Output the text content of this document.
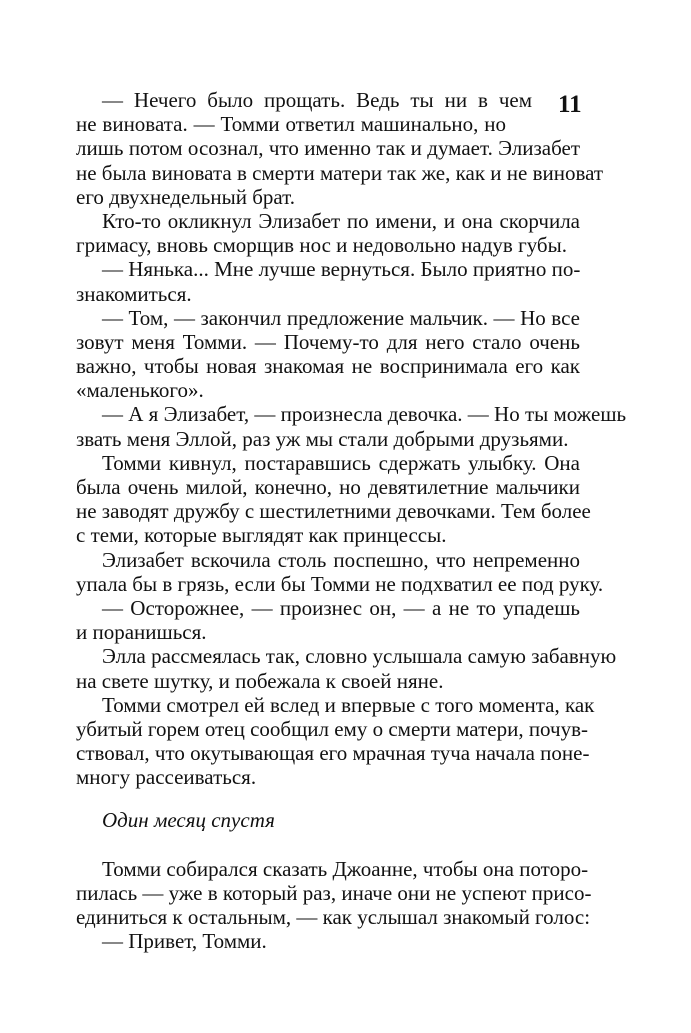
11
— Нечего было прощать. Ведь ты ни в чем
не виновата. — Томми ответил машинально, но
лишь потом осознал, что именно так и думает. Элизабет
не была виновата в смерти матери так же, как и не виноват
его двухнедельный брат.
Кто-то окликнул Элизабет по имени, и она скорчила
гримасу, вновь сморщив нос и недовольно надув губы.
— Нянька... Мне лучше вернуться. Было приятно по-
знакомиться.
— Том, — закончил предложение мальчик. — Но все
зовут меня Томми. — Почему-то для него стало очень
важно, чтобы новая знакомая не воспринимала его как
«маленького».
— А я Элизабет, — произнесла девочка. — Но ты можешь
звать меня Эллой, раз уж мы стали добрыми друзьями.
Томми кивнул, постаравшись сдержать улыбку. Она
была очень милой, конечно, но девятилетние мальчики
не заводят дружбу с шестилетними девочками. Тем более
с теми, которые выглядят как принцессы.
Элизабет вскочила столь поспешно, что непременно
упала бы в грязь, если бы Томми не подхватил ее под руку.
— Осторожнее, — произнес он, — а не то упадешь
и поранишься.
Элла рассмеялась так, словно услышала самую забавную
на свете шутку, и побежала к своей няне.
Томми смотрел ей вслед и впервые с того момента, как
убитый горем отец сообщил ему о смерти матери, почув-
ствовал, что окутывающая его мрачная туча начала поне-
многу рассеиваться.
Один месяц спустя
Томми собирался сказать Джоанне, чтобы она поторо-
пилась — уже в который раз, иначе они не успеют присо-
единиться к остальным, — как услышал знакомый голос:
— Привет, Томми.
